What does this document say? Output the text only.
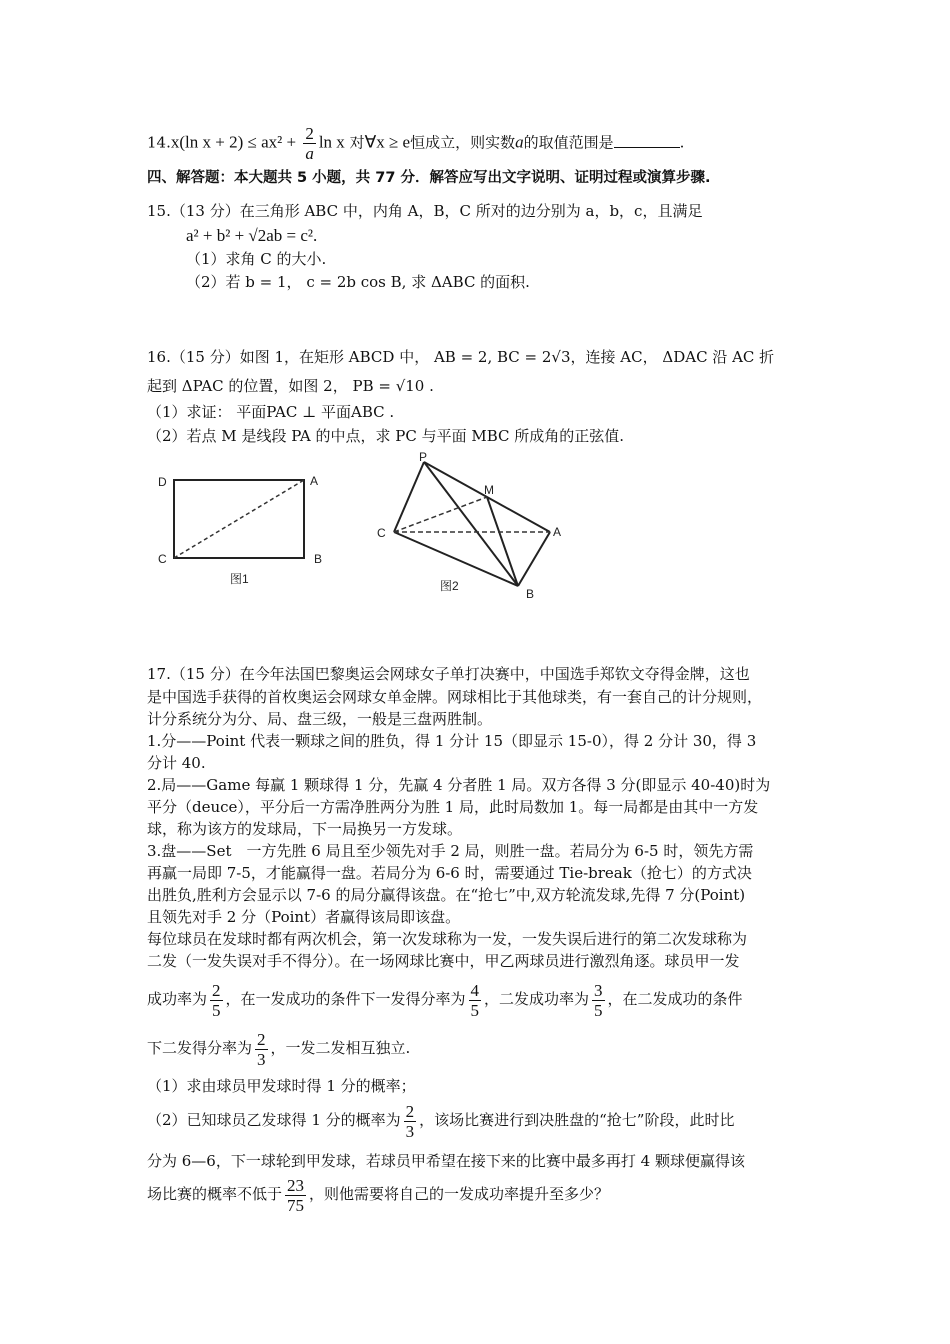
14.x(ln $x + 2) \le ax^2 + \frac{2}{a}$ ln x 对∀x ≥ e恒成立，则实数a的取值范围是	.
四、解答题：本大题共 5 小题，共 77 分．解答应写出文字说明、证明过程或演算步骤.
15.（13 分）在三角形 ABC 中，内角 A，B，C 所对的边分别为 a，b，c，且满足
a² + b² + √2ab = c².
（1）求角 C 的大小.
（2）若 b = 1， c = 2b cos B, 求 ΔABC 的面积.
16.（15 分）如图 1，在矩形 ABCD 中， AB = 2, BC = 2√3，连接 AC， ΔDAC 沿 AC 折
起到 ΔPAC 的位置，如图 2， PB = √10 .
（1）求证： 平面PAC ⊥ 平面ABC .
（2）若点 M 是线段 PA 的中点，求 PC 与平面 MBC 所成角的正弦值.
D	A
C	B
图1
P
M
C	A
B
图2
17.（15 分）在今年法国巴黎奥运会网球女子单打决赛中，中国选手郑钦文夺得金牌，这也
是中国选手获得的首枚奥运会网球女单金牌。网球相比于其他球类，有一套自己的计分规则，
计分系统分为分、局、盘三级，一般是三盘两胜制。
1.分——Point 代表一颗球之间的胜负，得 1 分计 15（即显示 15-0），得 2 分计 30，得 3
分计 40.
2.局——Game 每赢 1 颗球得 1 分，先赢 4 分者胜 1 局。双方各得 3 分(即显示 40-40)时为
平分（deuce），平分后一方需净胜两分为胜 1 局，此时局数加 1。每一局都是由其中一方发
球，称为该方的发球局，下一局换另一方发球。
3.盘——Set　一方先胜 6 局且至少领先对手 2 局，则胜一盘。若局分为 6-5 时，领先方需
再赢一局即 7-5，才能赢得一盘。若局分为 6-6 时，需要通过 Tie-break（抢七）的方式决
出胜负,胜利方会显示以 7-6 的局分赢得该盘。在“抢七”中,双方轮流发球,先得 7 分(Point)
且领先对手 2 分（Point）者赢得该局即该盘。
每位球员在发球时都有两次机会，第一次发球称为一发，一发失误后进行的第二次发球称为
二发（一发失误对手不得分）。在一场网球比赛中，甲乙两球员进行激烈角逐。球员甲一发
成功率为 $\frac{2}{5}$ ，在一发成功的条件下一发得分率为 $\frac{4}{5}$ ，二发成功率为 $\frac{3}{5}$ ，在二发成功的条件
下二发得分率为 $\frac{2}{3}$ ，一发二发相互独立.
（1）求由球员甲发球时得 1 分的概率；
（2）已知球员乙发球得 1 分的概率为 $\frac{2}{3}$ ，该场比赛进行到决胜盘的“抢七”阶段，此时比
分为 6—6，下一球轮到甲发球，若球员甲希望在接下来的比赛中最多再打 4 颗球便赢得该
场比赛的概率不低于 $\frac{23}{75}$ ，则他需要将自己的一发成功率提升至多少？
